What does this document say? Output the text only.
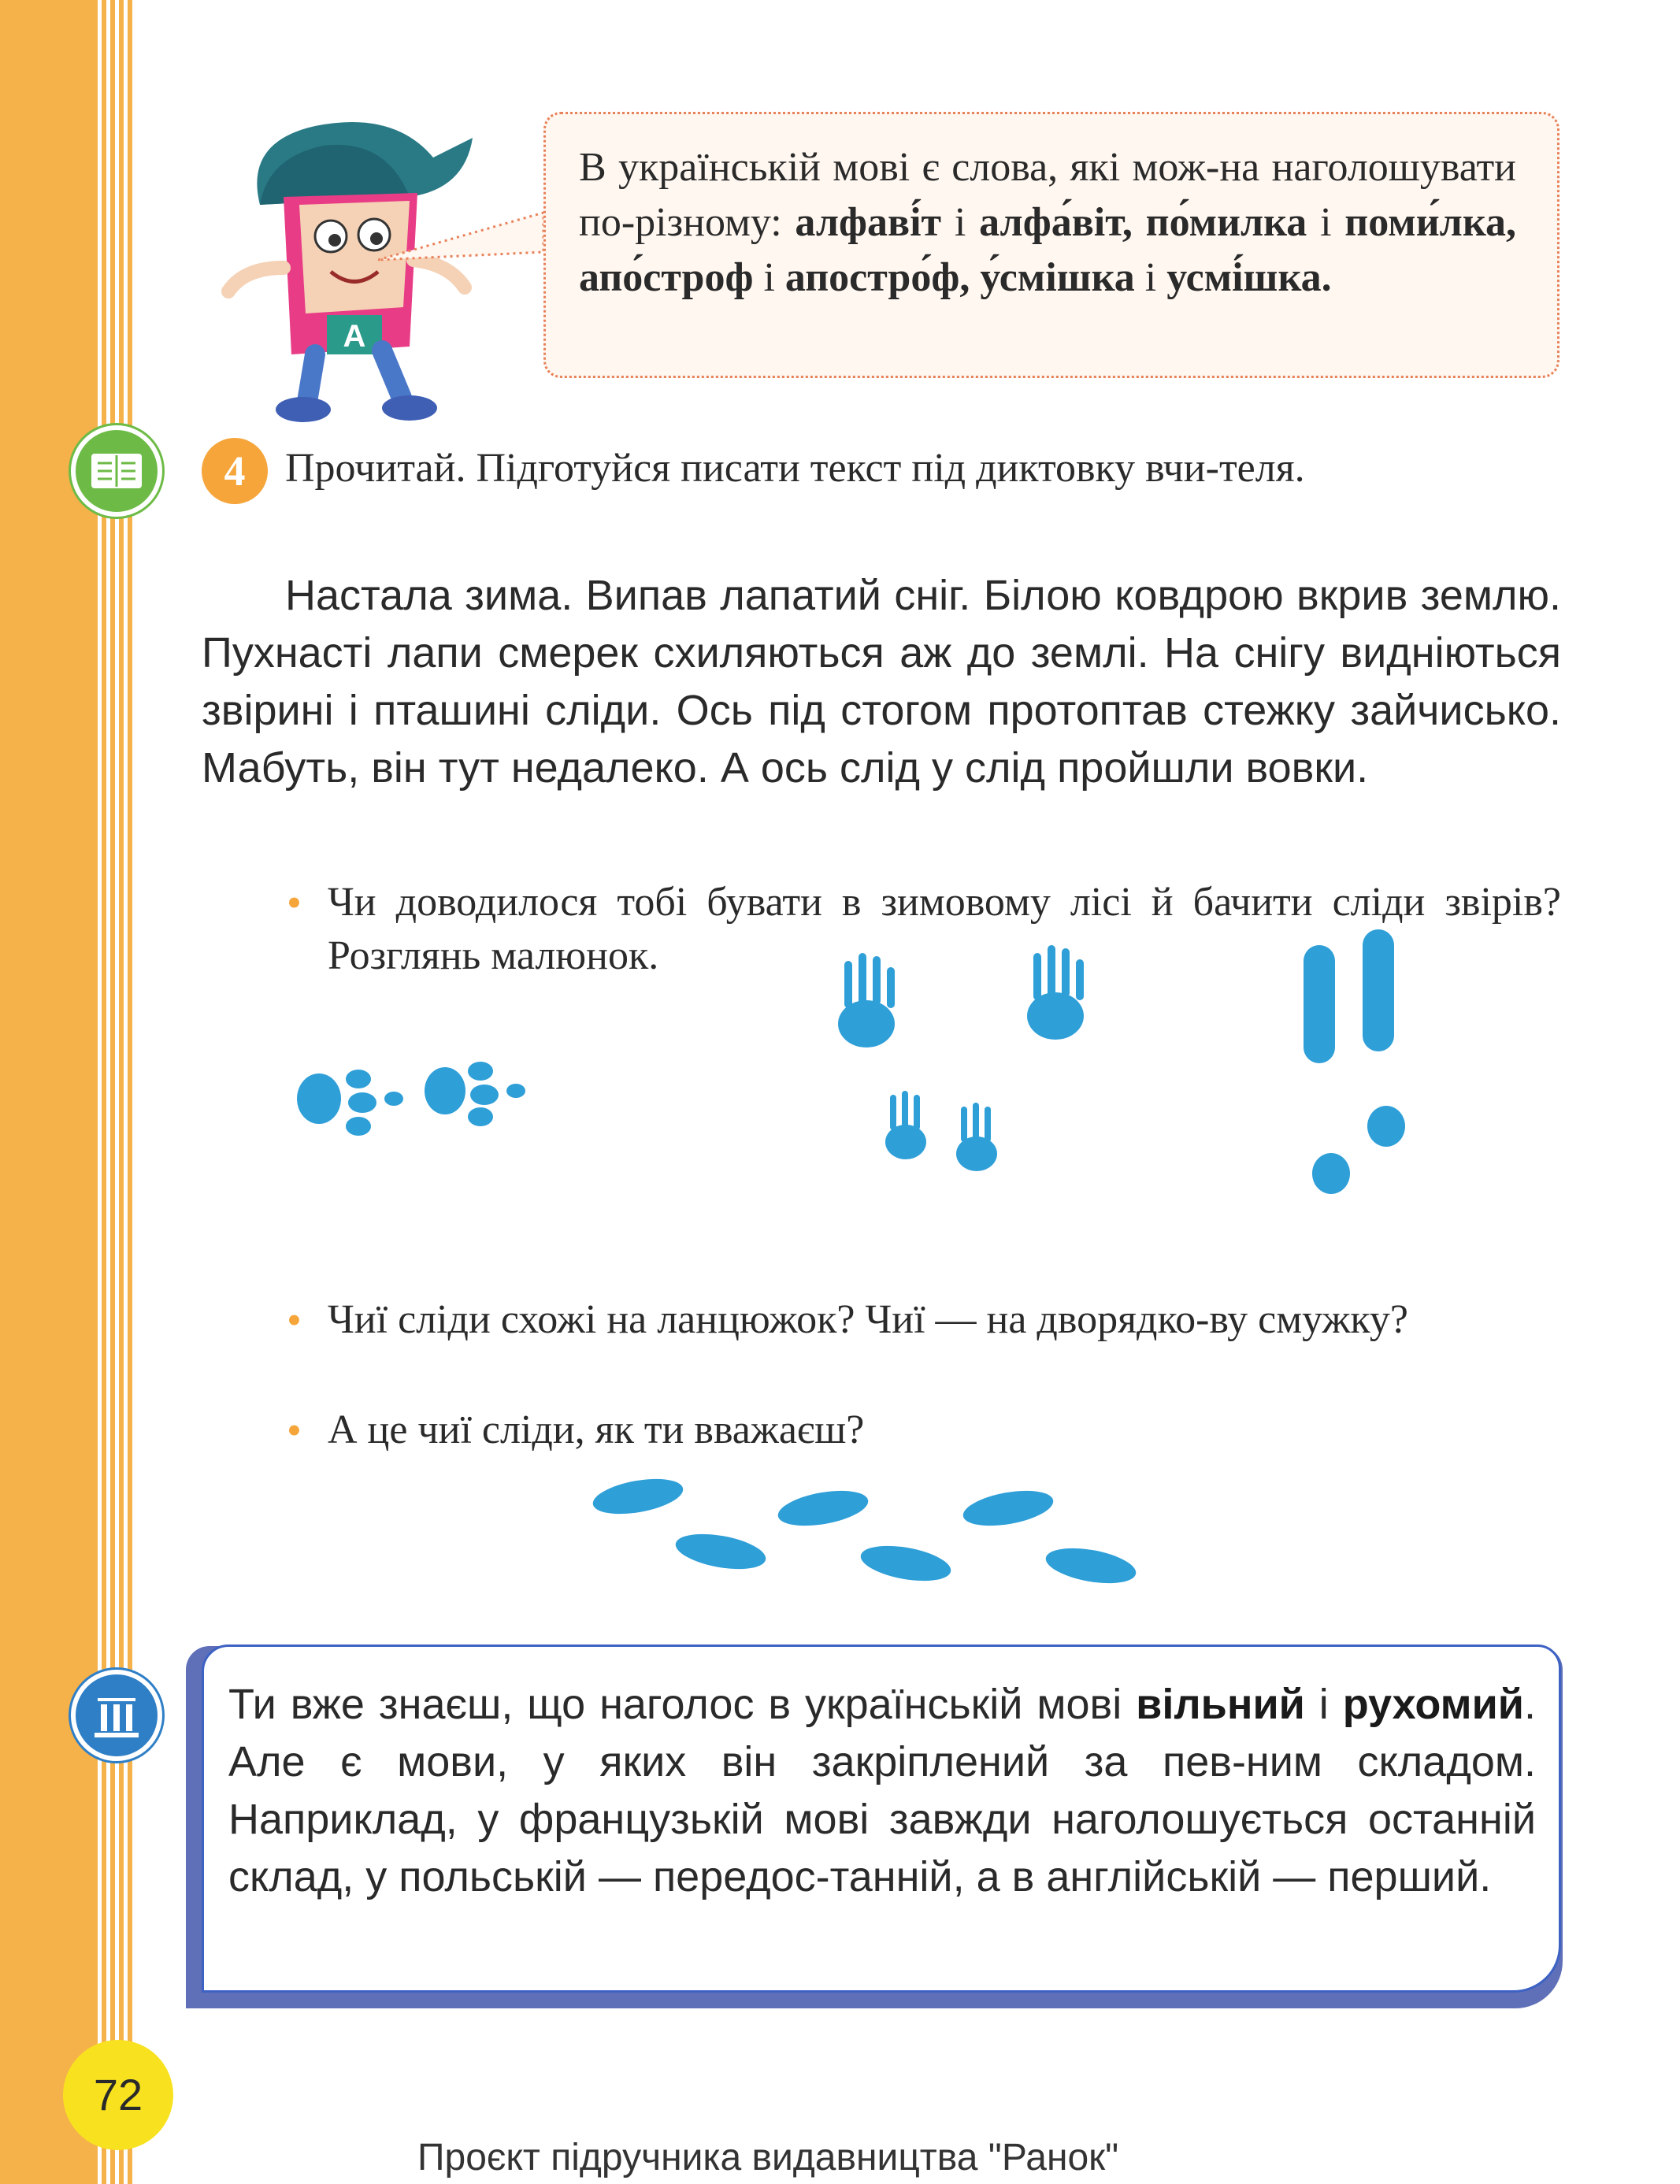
А
В українській мові є слова, які мож-на наголошувати по-різному: алфаві́т і алфа́віт, по́милка і поми́лка, апо́строф і апостро́ф, у́смішка і усмі́шка.
4 Прочитай. Підготуйся писати текст під диктовку вчи-теля.
Настала зима. Випав лапатий сніг. Білою ковдрою вкрив землю. Пухнасті лапи смерек схиляються аж до землі. На снігу видніються звірині і пташині сліди. Ось під стогом протоптав стежку зайчисько. Мабуть, він тут недалеко. А ось слід у слід пройшли вовки.
• Чи доводилося тобі бувати в зимовому лісі й бачити сліди звірів? Розглянь малюнок.
• Чиї сліди схожі на ланцюжок? Чиї — на дворядко-ву смужку?
• А це чиї сліди, як ти вважаєш?
Ти вже знаєш, що наголос в українській мові вільний і рухомий. Але є мови, у яких він закріплений за пев-ним складом. Наприклад, у французькій мові завжди наголошується останній склад, у польській — передос-танній, а в англійській — перший.
72
Проєкт підручника видавництва "Ранок"
